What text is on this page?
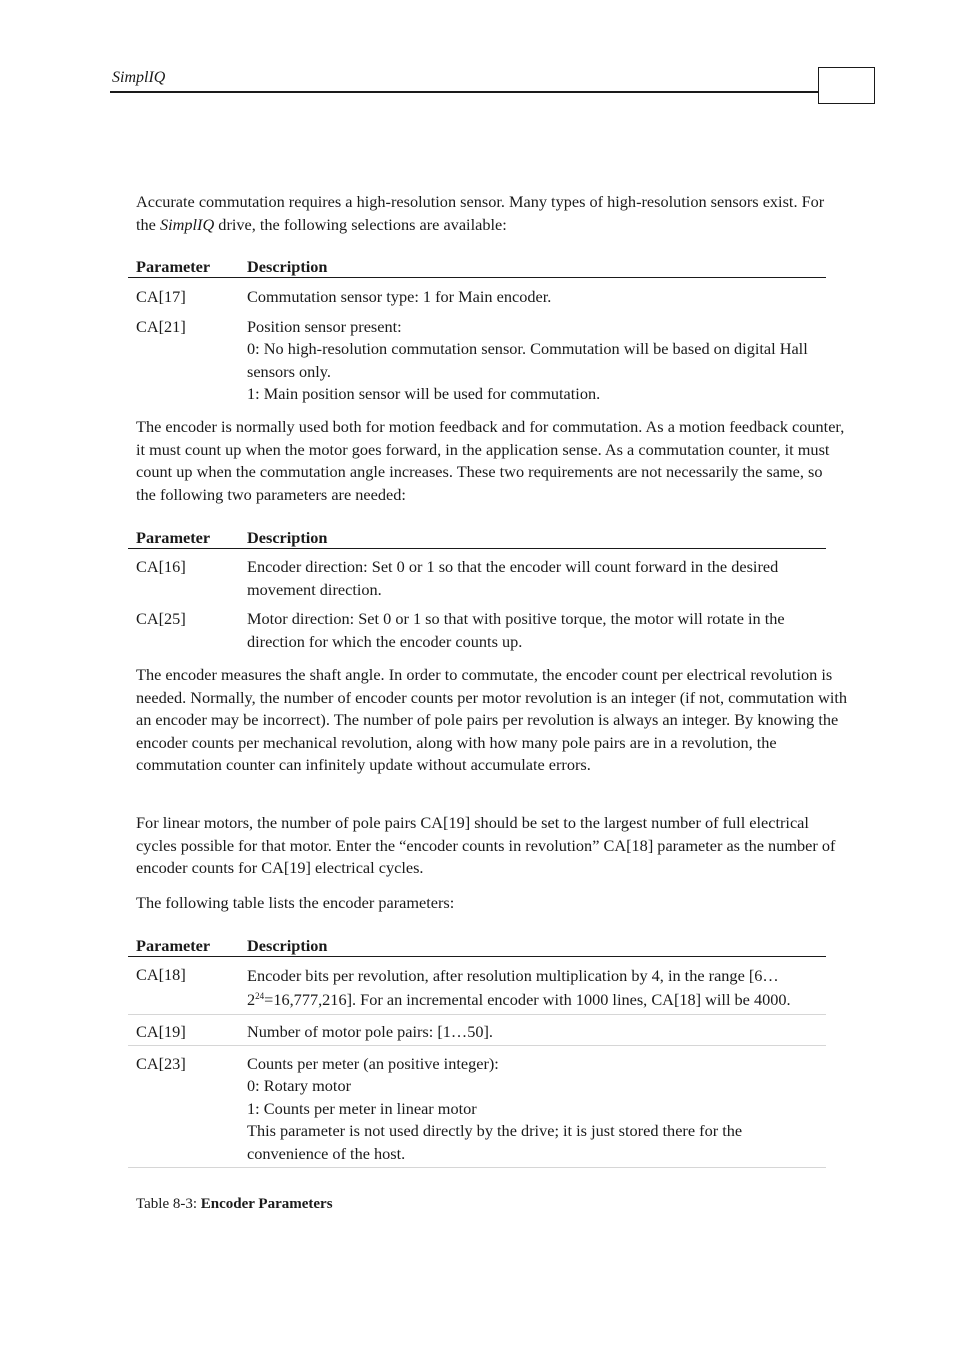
SimplIQ

Accurate commutation requires a high-resolution sensor. Many types of high-resolution sensors exist. For the SimplIQ drive, the following selections are available:

Parameter	Description
CA[17]	Commutation sensor type: 1 for Main encoder.
CA[21]	Position sensor present:
0: No high-resolution commutation sensor. Commutation will be based on digital Hall sensors only.
1: Main position sensor will be used for commutation.

The encoder is normally used both for motion feedback and for commutation. As a motion feedback counter, it must count up when the motor goes forward, in the application sense. As a commutation counter, it must count up when the commutation angle increases. These two requirements are not necessarily the same, so the following two parameters are needed:

Parameter	Description
CA[16]	Encoder direction: Set 0 or 1 so that the encoder will count forward in the desired movement direction.
CA[25]	Motor direction: Set 0 or 1 so that with positive torque, the motor will rotate in the direction for which the encoder counts up.

The encoder measures the shaft angle. In order to commutate, the encoder count per electrical revolution is needed. Normally, the number of encoder counts per motor revolution is an integer (if not, commutation with an encoder may be incorrect). The number of pole pairs per revolution is always an integer. By knowing the encoder counts per mechanical revolution, along with how many pole pairs are in a revolution, the commutation counter can infinitely update without accumulate errors.

For linear motors, the number of pole pairs CA[19] should be set to the largest number of full electrical cycles possible for that motor. Enter the “encoder counts in revolution” CA[18] parameter as the number of encoder counts for CA[19] electrical cycles.

The following table lists the encoder parameters:

Parameter	Description
CA[18]	Encoder bits per revolution, after resolution multiplication by 4, in the range $[6\dots 2^{24}=16,777,216]$. For an incremental encoder with 1000 lines, CA[18] will be 4000.
CA[19]	Number of motor pole pairs: [1…50].
CA[23]	Counts per meter (an positive integer):
0: Rotary motor
1: Counts per meter in linear motor
This parameter is not used directly by the drive; it is just stored there for the convenience of the host.
Table 8-3: Encoder Parameters
